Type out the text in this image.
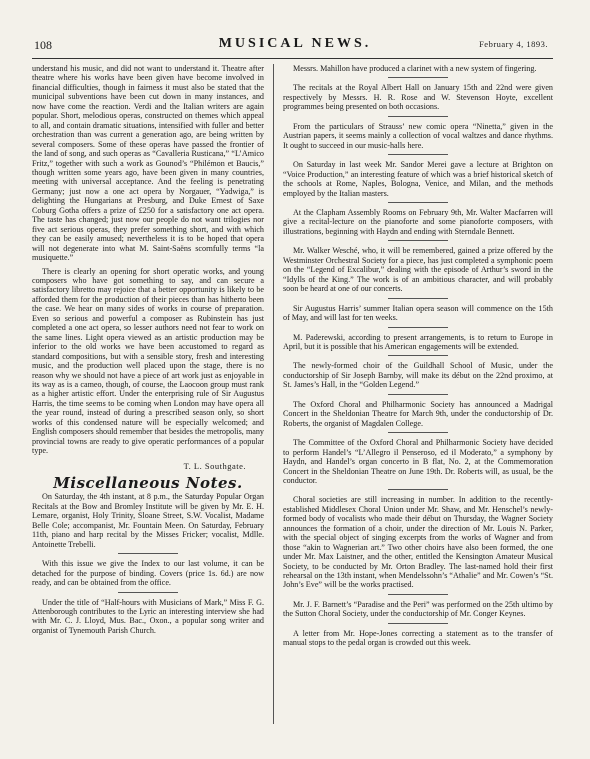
108	MUSICAL NEWS.	February 4, 1893.

understand his music, and did not want to understand it. Theatre after theatre where his works have been given have become involved in financial difficulties, though in fairness it must also be stated that the municipal subventions have been cut down in many instances, and now have come the reaction. Verdi and the Italian writers are again popular. Short, melodious operas, constructed on themes which appeal to all, and contain dramatic situations, intensified with fuller and better orchestration than was current a generation ago, are being written by several composers. Some of these operas have passed the frontier of the land of song, and such operas as “Cavalleria Rusticana,” “L’Amico Fritz,” together with such a work as Gounod’s “Philémon et Baucis,” though written some years ago, have been given in many countries, meeting with universal acceptance. And the feeling is penetrating Germany; just now a one act opera by Norgauer, “Yadwiga,” is delighting the Hungarians at Presburg, and Duke Ernest of Saxe Coburg Gotha offers a prize of £250 for a satisfactory one act opera. The taste has changed; just now our people do not want trilogies nor five act serious operas, they prefer something short, and with which they can be easily amused; nevertheless it is to be hoped that opera will not degenerate into what M. Saint-Saëns scornfully terms “la musiquette.”

There is clearly an opening for short operatic works, and young composers who have got something to say, and can secure a satisfactory libretto may rejoice that a better opportunity is likely to be afforded them for the production of their pieces than has hitherto been the case. We hear on many sides of works in course of preparation. Even so serious and powerful a composer as Rubinstein has just completed a one act opera, so lesser authors need not fear to work on the same lines. Light opera viewed as an artistic production may be inferior to the old works we have been accustomed to regard as standard compositions, but with a sensible story, fresh and interesting music, and the production well placed upon the stage, there is no reason why we should not have a piece of art work just as enjoyable in its way as is a cameo, though, of course, the Laocoon group must rank as a higher artistic effort. Under the enterprising rule of Sir Augustus Harris, the time seems to be coming when London may have opera all the year round, instead of during a prescribed season only, so short works of this condensed nature will be especially welcomed; and English composers should remember that besides the metropolis, many provincial towns are ready to give operatic performances of a popular type.

T. L. Southgate.
Miscellaneous Notes.

On Saturday, the 4th instant, at 8 p.m., the Saturday Popular Organ Recitals at the Bow and Bromley Institute will be given by Mr. E. H. Lemare, organist, Holy Trinity, Sloane Street, S.W. Vocalist, Madame Belle Cole; accompanist, Mr. Fountain Meen. On Saturday, February 11th, piano and harp recital by the Misses Fricker; vocalist, Mdlle. Antoinette Trebelli.

With this issue we give the Index to our last volume, it can be detached for the purpose of binding. Covers (price 1s. 6d.) are now ready, and can be obtained from the office.

Under the title of “Half-hours with Musicians of Mark,” Miss F. G. Attenborough contributes to the Lyric an interesting interview she had with Mr. C. J. Lloyd, Mus. Bac., Oxon., a popular song writer and organist of Tynemouth Parish Church.

Messrs. Mahillon have produced a clarinet with a new system of fingering.

The recitals at the Royal Albert Hall on January 15th and 22nd were given respectively by Messrs. H. R. Rose and W. Stevenson Hoyte, excellent programmes being presented on both occasions.

From the particulars of Strauss’ new comic opera “Ninetta,” given in the Austrian papers, it seems mainly a collection of vocal waltzes and dance rhythms. It ought to succeed in our music-halls here.

On Saturday in last week Mr. Sandor Merei gave a lecture at Brighton on “Voice Production,” an interesting feature of which was a brief historical sketch of the schools at Rome, Naples, Bologna, Venice, and Milan, and the methods employed by the Italian masters.

At the Clapham Assembly Rooms on February 9th, Mr. Walter Macfarren will give a recital-lecture on the pianoforte and some pianoforte composers, with illustrations, beginning with Haydn and ending with Sterndale Bennett.

Mr. Walker Wesché, who, it will be remembered, gained a prize offered by the Westminster Orchestral Society for a piece, has just completed a symphonic poem on the “Legend of Excalibur,” dealing with the episode of Arthur’s sword in the “Idylls of the King.” The work is of an ambitious character, and will probably soon be heard at one of our concerts.

Sir Augustus Harris’ summer Italian opera season will commence on the 15th of May, and will last for ten weeks.

M. Paderewski, according to present arrangements, is to return to Europe in April, but it is possible that his American engagements will be extended.

The newly-formed choir of the Guildhall School of Music, under the conductorship of Sir Joseph Barnby, will make its début on the 22nd proximo, at St. James’s Hall, in the “Golden Legend.”

The Oxford Choral and Philharmonic Society has announced a Madrigal Concert in the Sheldonian Theatre for March 9th, under the conductorship of Dr. Roberts, the organist of Magdalen College.

The Committee of the Oxford Choral and Philharmonic Society have decided to perform Handel’s “L’Allegro il Penseroso, ed il Moderato,” a symphony by Haydn, and Handel’s organ concerto in B flat, No. 2, at the Commemoration Concert in the Sheldonian Theatre on June 19th. Dr. Roberts will, as usual, be the conductor.

Choral societies are still increasing in number. In addition to the recently-established Middlesex Choral Union under Mr. Shaw, and Mr. Henschel’s newly-formed body of vocalists who made their début on Thursday, the Wagner Society announces the formation of a choir, under the direction of Mr. Louis N. Parker, with the special object of singing excerpts from the works of Wagner and from those “akin to Wagnerian art.” Two other choirs have also been formed, the one under Mr. Max Laistner, and the other, entitled the Kensington Amateur Musical Society, to be conducted by Mr. Orton Bradley. The last-named hold their first rehearsal on the 13th instant, when Mendelssohn’s “Athalie” and Mr. Cowen’s “St. John’s Eve” will be the works practised.

Mr. J. F. Barnett’s “Paradise and the Peri” was performed on the 25th ultimo by the Sutton Choral Society, under the conductorship of Mr. Conger Keynes.

A letter from Mr. Hope-Jones correcting a statement as to the transfer of manual stops to the pedal organ is crowded out this week.
